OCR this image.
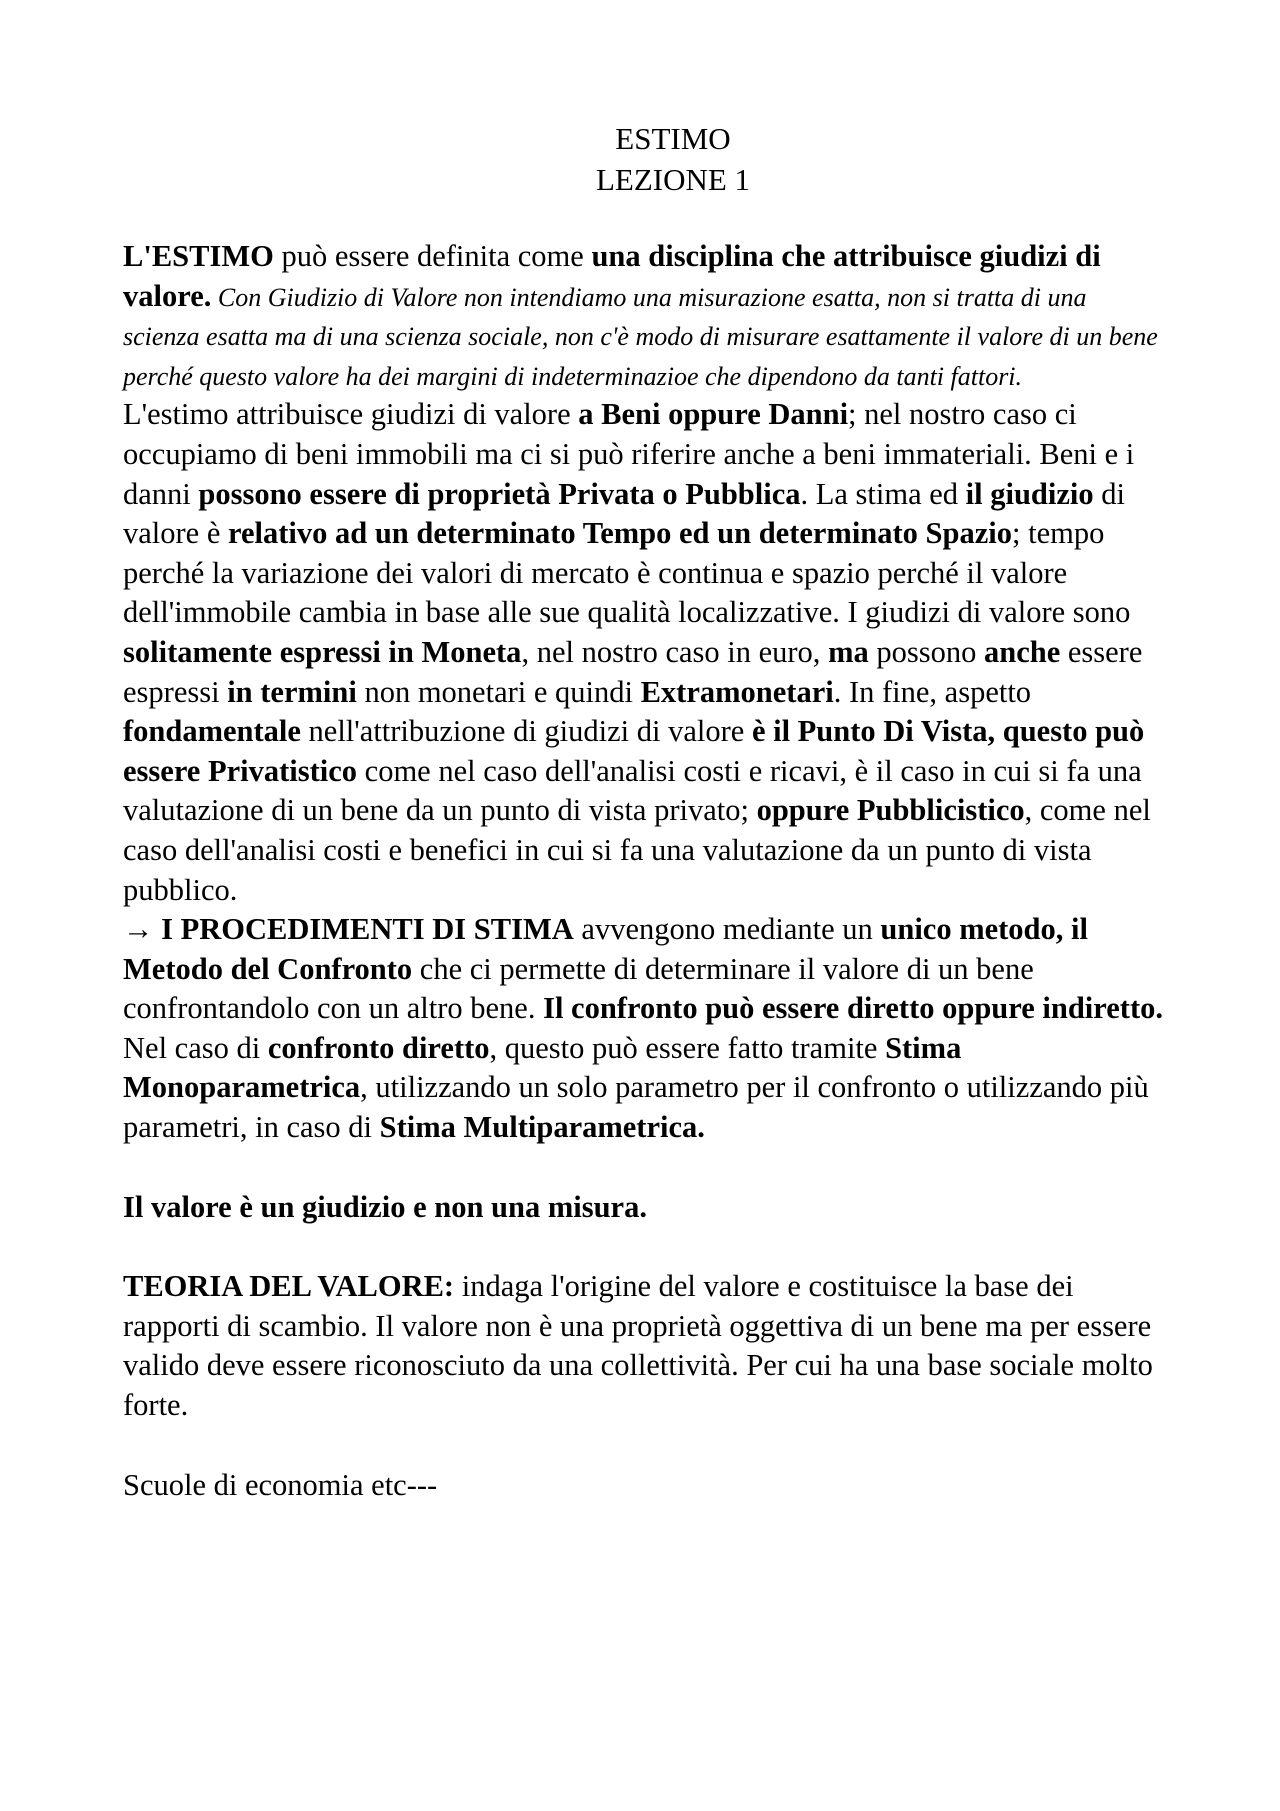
ESTIMO
LEZIONE 1

L'ESTIMO può essere definita come una disciplina che attribuisce giudizi di valore. Con Giudizio di Valore non intendiamo una misurazione esatta, non si tratta di una scienza esatta ma di una scienza sociale, non c'è modo di misurare esattamente il valore di un bene perché questo valore ha dei margini di indeterminazioe che dipendono da tanti fattori.

L'estimo attribuisce giudizi di valore a Beni oppure Danni; nel nostro caso ci occupiamo di beni immobili ma ci si può riferire anche a beni immateriali. Beni e i danni possono essere di proprietà Privata o Pubblica. La stima ed il giudizio di valore è relativo ad un determinato Tempo ed un determinato Spazio; tempo perché la variazione dei valori di mercato è continua e spazio perché il valore dell'immobile cambia in base alle sue qualità localizzative. I giudizi di valore sono solitamente espressi in Moneta, nel nostro caso in euro, ma possono anche essere espressi in termini non monetari e quindi Extramonetari. In fine, aspetto fondamentale nell'attribuzione di giudizi di valore è il Punto Di Vista, questo può essere Privatistico come nel caso dell'analisi costi e ricavi, è il caso in cui si fa una valutazione di un bene da un punto di vista privato; oppure Pubblicistico, come nel caso dell'analisi costi e benefici in cui si fa una valutazione da un punto di vista pubblico.

→ I PROCEDIMENTI DI STIMA avvengono mediante un unico metodo, il Metodo del Confronto che ci permette di determinare il valore di un bene confrontandolo con un altro bene. Il confronto può essere diretto oppure indiretto. Nel caso di confronto diretto, questo può essere fatto tramite Stima Monoparametrica, utilizzando un solo parametro per il confronto o utilizzando più parametri, in caso di Stima Multiparametrica.

Il valore è un giudizio e non una misura.

TEORIA DEL VALORE: indaga l'origine del valore e costituisce la base dei rapporti di scambio. Il valore non è una proprietà oggettiva di un bene ma per essere valido deve essere riconosciuto da una collettività. Per cui ha una base sociale molto forte.

Scuole di economia etc---
